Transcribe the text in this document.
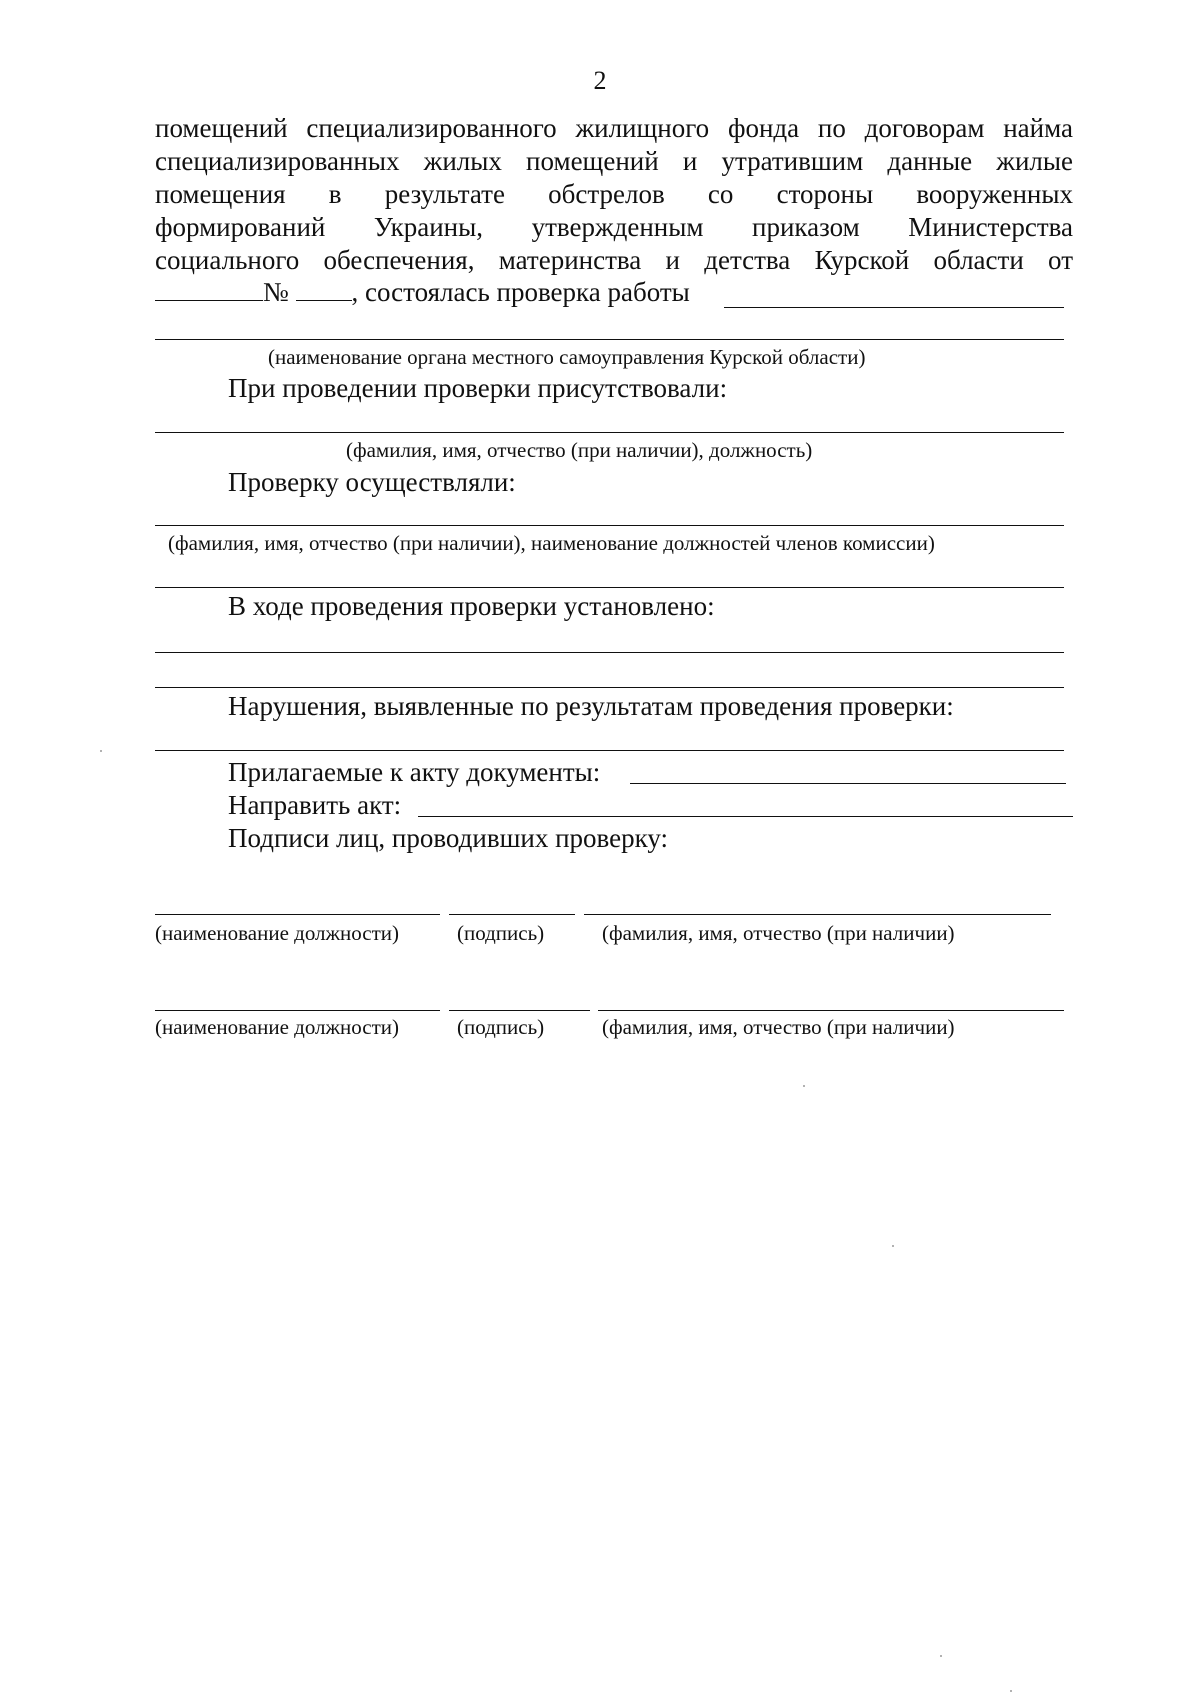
2
помещений специализированного жилищного фонда по договорам найма
специализированных жилых помещений и утратившим данные жилые
помещения в результате обстрелов со стороны вооруженных
формирований Украины, утвержденным приказом Министерства
социального обеспечения, материнства и детства Курской области от
№ , состоялась проверка работы
(наименование органа местного самоуправления Курской области)
При проведении проверки присутствовали:
(фамилия, имя, отчество (при наличии), должность)
Проверку осуществляли:
(фамилия, имя, отчество (при наличии), наименование должностей членов комиссии)
В ходе проведения проверки установлено:
Нарушения, выявленные по результатам проведения проверки:
Прилагаемые к акту документы:
Направить акт:
Подписи лиц, проводивших проверку:
(наименование должности)	(подпись)	(фамилия, имя, отчество (при наличии)
(наименование должности)	(подпись)	(фамилия, имя, отчество (при наличии)
